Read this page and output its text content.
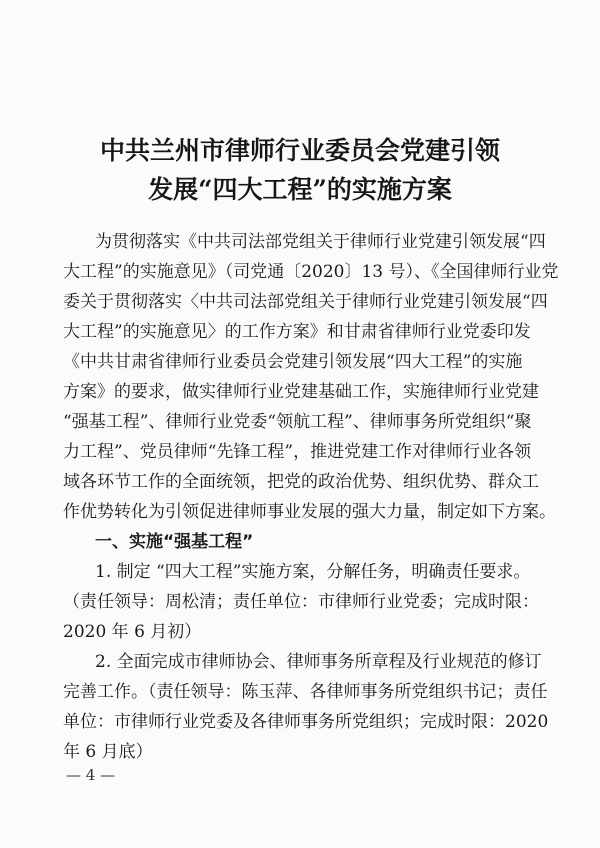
中共兰州市律师行业委员会党建引领
发展“四大工程”的实施方案
为贯彻落实《中共司法部党组关于律师行业党建引领发展“四
大工程”的实施意见》（司党通〔2020〕13 号）、《全国律师行业党
委关于贯彻落实〈中共司法部党组关于律师行业党建引领发展“四
大工程”的实施意见〉的工作方案》和甘肃省律师行业党委印发
《中共甘肃省律师行业委员会党建引领发展“四大工程”的实施
方案》的要求，做实律师行业党建基础工作，实施律师行业党建
“强基工程”、律师行业党委“领航工程”、律师事务所党组织“聚
力工程”、党员律师“先锋工程”，推进党建工作对律师行业各领
域各环节工作的全面统领，把党的政治优势、组织优势、群众工
作优势转化为引领促进律师事业发展的强大力量，制定如下方案。
一、实施“强基工程”
1. 制定 “四大工程”实施方案，分解任务，明确责任要求。
（责任领导：周松清；责任单位：市律师行业党委；完成时限：
2020 年 6 月初）
2. 全面完成市律师协会、律师事务所章程及行业规范的修订
完善工作。（责任领导：陈玉萍、各律师事务所党组织书记；责任
单位：市律师行业党委及各律师事务所党组织；完成时限：2020
年 6 月底）
— 4 —
